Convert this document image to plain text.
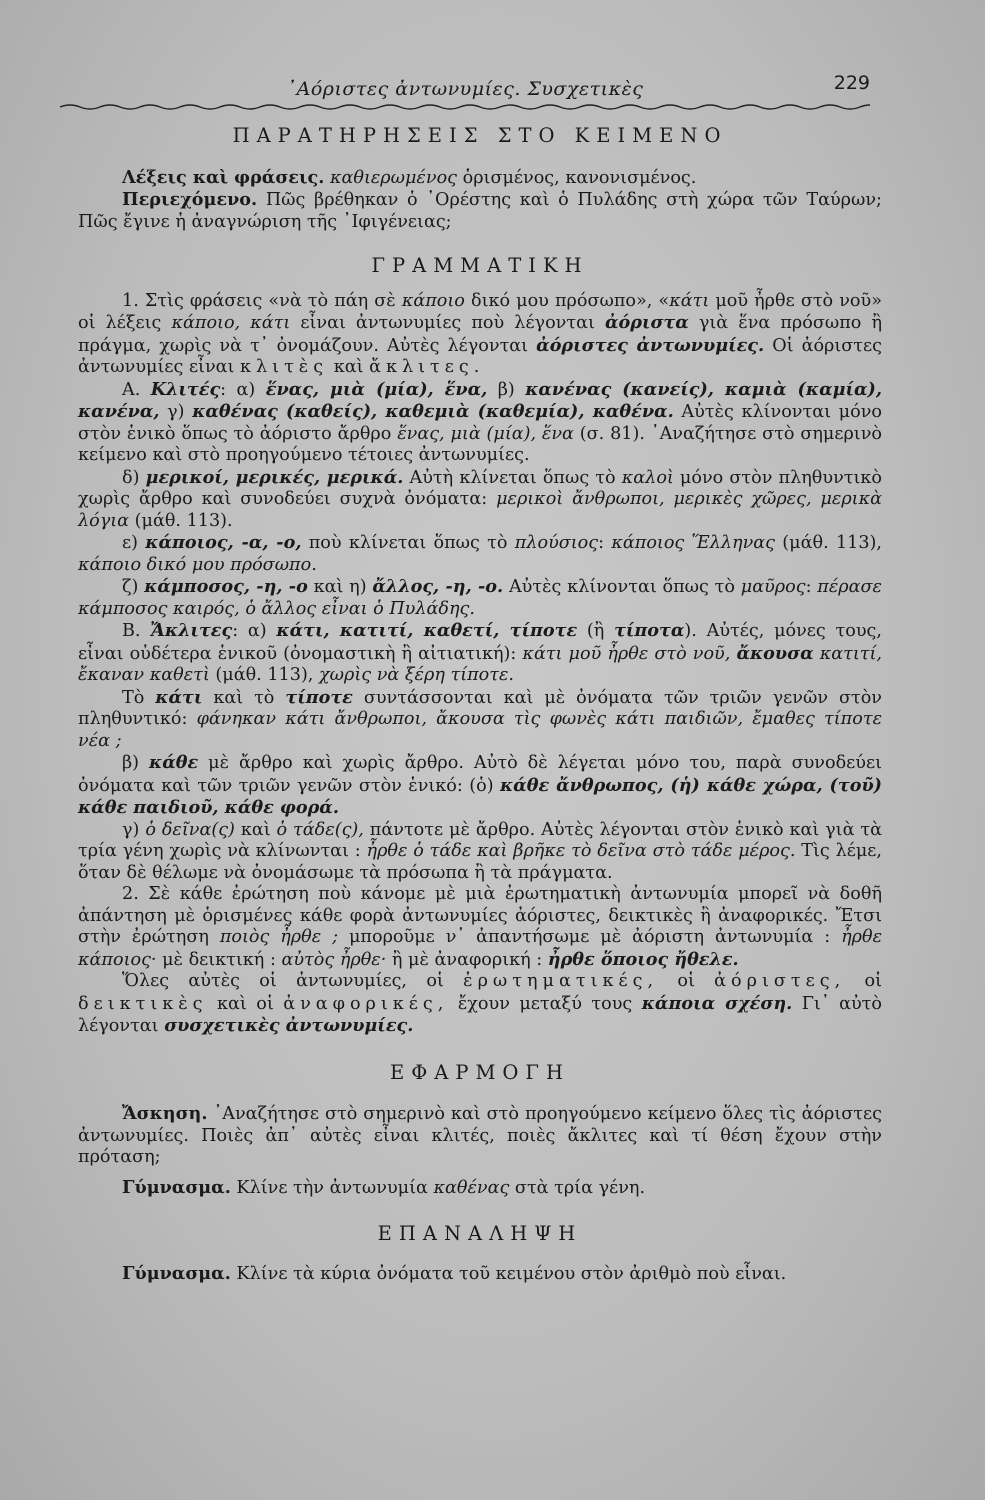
᾿Αόριστες ἀντωνυμίες. Συσχετικὲς	229
ΠΑΡΑΤΗΡΗΣΕΙΣ ΣΤΟ ΚΕΙΜΕΝΟ

Λέξεις καὶ φράσεις. καθιερωμένος ὁρισμένος, κανονισμένος.

Περιεχόμενο. Πῶς βρέθηκαν ὁ ᾿Ορέστης καὶ ὁ Πυλάδης στὴ χώρα τῶν Ταύρων; Πῶς ἔγινε ἡ ἀναγνώριση τῆς ᾿Ιφιγένειας;

ΓΡΑΜΜΑΤΙΚΗ

1. Στὶς φράσεις «νὰ τὸ πάη σὲ κάποιο δικό μου πρόσωπο», «κάτι μοῦ ἦρθε στὸ νοῦ» οἱ λέξεις κάποιο, κάτι εἶναι ἀντωνυμίες ποὺ λέγονται ἀόριστα γιὰ ἕνα πρόσωπο ἢ πράγμα, χωρὶς νὰ τ᾿ ὀνομάζουν. Αὐτὲς λέγονται ἀόριστες ἀντωνυμίες. Οἱ ἀόριστες ἀντωνυμίες εἶναι κλιτὲς καὶ ἄκλιτες.

Α. Κλιτές: α) ἕνας, μιὰ (μία), ἕνα, β) κανένας (κανείς), καμιὰ (καμία), κανένα, γ) καθένας (καθείς), καθεμιὰ (καθεμία), καθένα. Αὐτὲς κλίνονται μόνο στὸν ἑνικὸ ὅπως τὸ ἀόριστο ἄρθρο ἕνας, μιὰ (μία), ἕνα (σ. 81). ᾿Αναζήτησε στὸ σημερινὸ κείμενο καὶ στὸ προηγούμενο τέτοιες ἀντωνυμίες.

δ) μερικοί, μερικές, μερικά. Αὐτὴ κλίνεται ὅπως τὸ καλοὶ μόνο στὸν πληθυντικὸ χωρὶς ἄρθρο καὶ συνοδεύει συχνὰ ὀνόματα: μερικοὶ ἄνθρωποι, μερικὲς χῶρες, μερικὰ λόγια (μάθ. 113).

ε) κάποιος, -α, -ο, ποὺ κλίνεται ὅπως τὸ πλούσιος: κάποιος Ἕλληνας (μάθ. 113), κάποιο δικό μου πρόσωπο.

ζ) κάμποσος, -η, -ο καὶ η) ἄλλος, -η, -ο. Αὐτὲς κλίνονται ὅπως τὸ μαῦρος: πέρασε κάμποσος καιρός, ὁ ἄλλος εἶναι ὁ Πυλάδης.

Β. Ἄκλιτες: α) κάτι, κατιτί, καθετί, τίποτε (ἢ τίποτα). Αὐτές, μόνες τους, εἶναι οὐδέτερα ἑνικοῦ (ὀνομαστικὴ ἢ αἰτιατική): κάτι μοῦ ἦρθε στὸ νοῦ, ἄκουσα κατιτί, ἔκαναν καθετὶ (μάθ. 113), χωρὶς νὰ ξέρη τίποτε.

Τὸ κάτι καὶ τὸ τίποτε συντάσσονται καὶ μὲ ὀνόματα τῶν τριῶν γενῶν στὸν πληθυντικό: φάνηκαν κάτι ἄνθρωποι, ἄκουσα τὶς φωνὲς κάτι παιδιῶν, ἔμαθες τίποτε νέα ;

β) κάθε μὲ ἄρθρο καὶ χωρὶς ἄρθρο. Αὐτὸ δὲ λέγεται μόνο του, παρὰ συνοδεύει ὀνόματα καὶ τῶν τριῶν γενῶν στὸν ἑνικό: (ὁ) κάθε ἄνθρωπος, (ἡ) κάθε χώρα, (τοῦ) κάθε παιδιοῦ, κάθε φορά.

γ) ὁ δεῖνα(ς) καὶ ὁ τάδε(ς), πάντοτε μὲ ἄρθρο. Αὐτὲς λέγονται στὸν ἑνικὸ καὶ γιὰ τὰ τρία γένη χωρὶς νὰ κλίνωνται : ἦρθε ὁ τάδε καὶ βρῆκε τὸ δεῖνα στὸ τάδε μέρος. Τὶς λέμε, ὅταν δὲ θέλωμε νὰ ὀνομάσωμε τὰ πρόσωπα ἢ τὰ πράγματα.

2. Σὲ κάθε ἐρώτηση ποὺ κάνομε μὲ μιὰ ἐρωτηματικὴ ἀντωνυμία μπορεῖ νὰ δοθῆ ἀπάντηση μὲ ὁρισμένες κάθε φορὰ ἀντωνυμίες ἀόριστες, δεικτικὲς ἢ ἀναφορικές. Ἔτσι στὴν ἐρώτηση ποιὸς ἦρθε ; μποροῦμε ν᾿ ἀπαντήσωμε μὲ ἀόριστη ἀντωνυμία : ἦρθε κάποιος· μὲ δεικτική : αὐτὸς ἦρθε· ἢ μὲ ἀναφορική : ἦρθε ὅποιος ἤθελε.

Ὅλες αὐτὲς οἱ ἀντωνυμίες, οἱ ἐρωτηματικές, οἱ ἀόριστες, οἱ δεικτικὲς καὶ οἱ ἀναφορικές, ἔχουν μεταξύ τους κάποια σχέση. Γι᾿ αὐτὸ λέγονται συσχετικὲς ἀντωνυμίες.

ΕΦΑΡΜΟΓΗ

Ἄσκηση. ᾿Αναζήτησε στὸ σημερινὸ καὶ στὸ προηγούμενο κείμενο ὅλες τὶς ἀόριστες ἀντωνυμίες. Ποιὲς ἀπ᾿ αὐτὲς εἶναι κλιτές, ποιὲς ἄκλιτες καὶ τί θέση ἔχουν στὴν πρόταση;

Γύμνασμα. Κλίνε τὴν ἀντωνυμία καθένας στὰ τρία γένη.

ΕΠΑΝΑΛΗΨΗ

Γύμνασμα. Κλίνε τὰ κύρια ὀνόματα τοῦ κειμένου στὸν ἀριθμὸ ποὺ εἶναι.
